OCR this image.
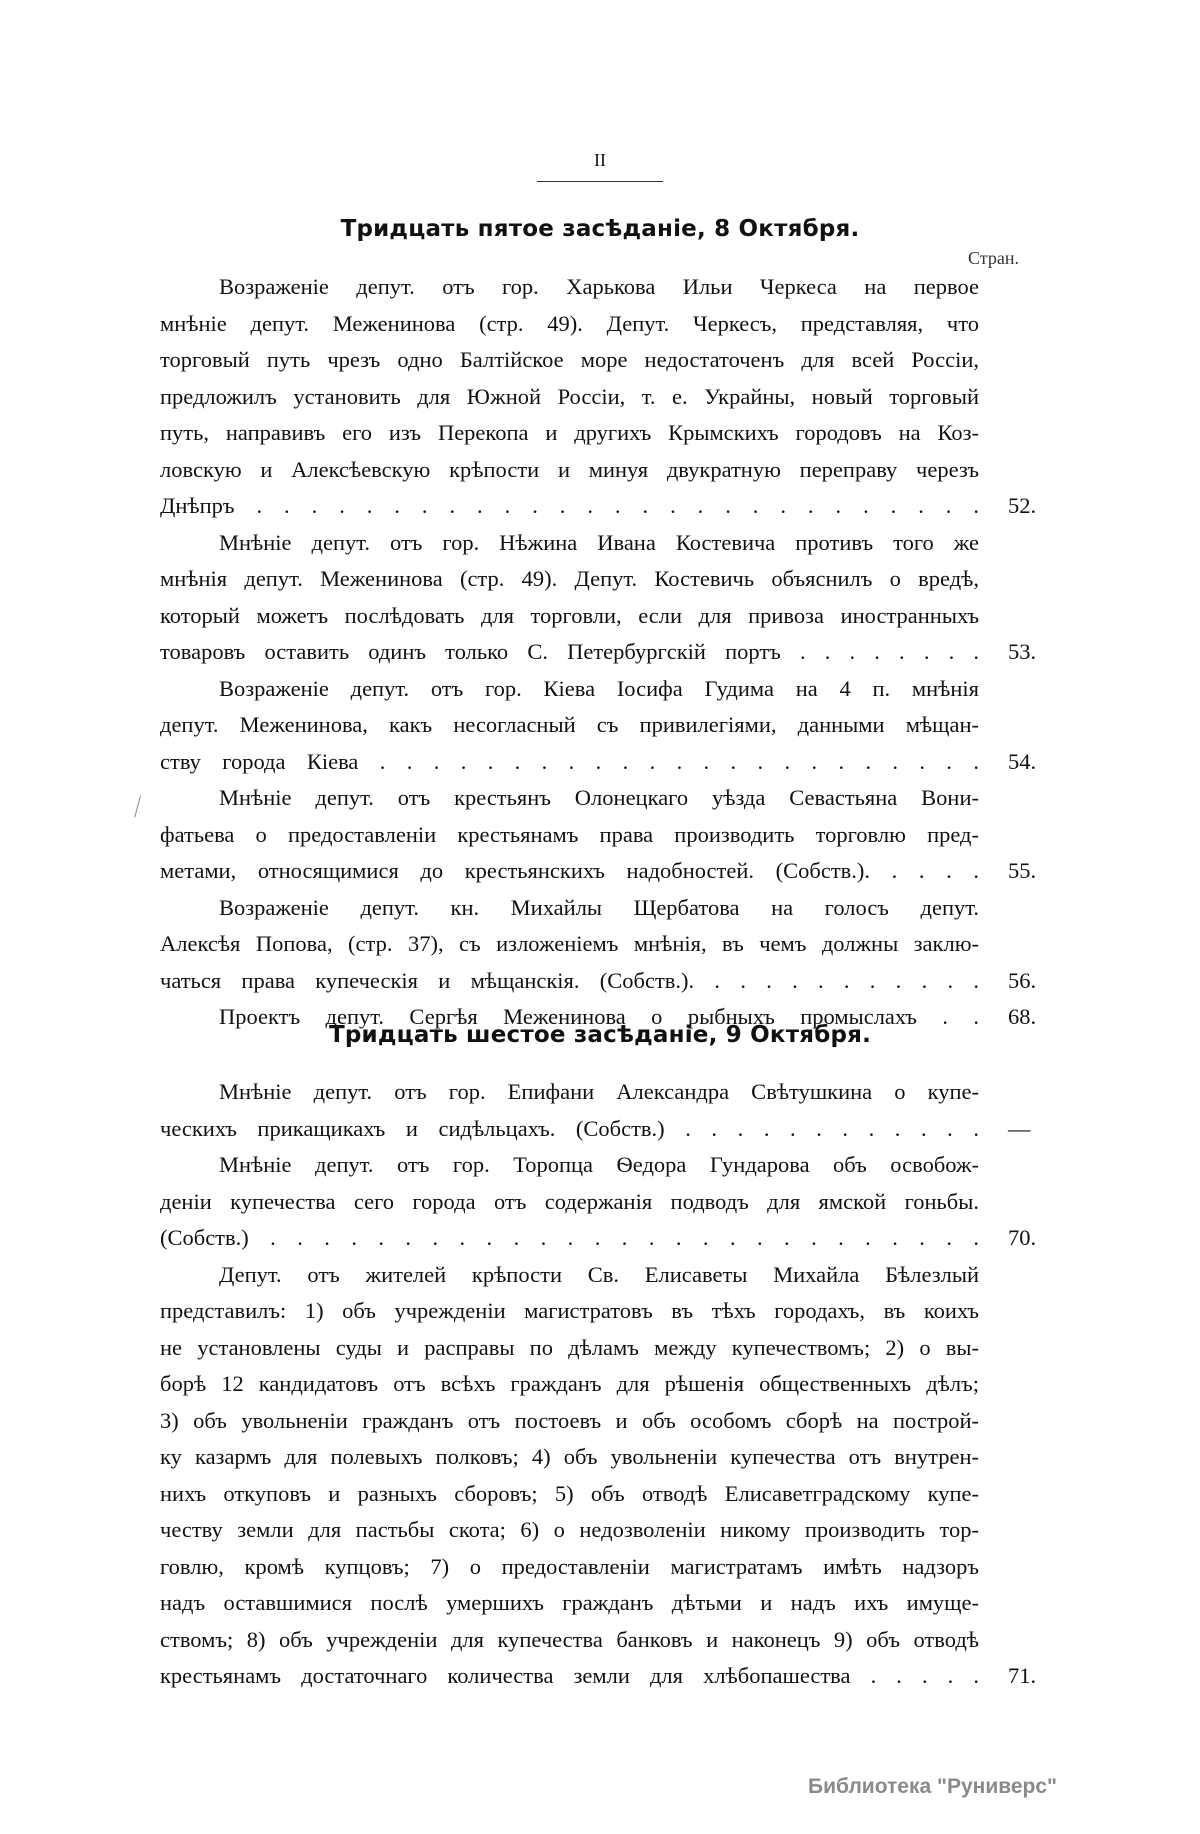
II
Тридцать пятое засѣданіе, 8 Октября.
Стран.
Возраженіе депут. отъ гор. Харькова Ильи Черкеса на первое
мнѣніе депут. Меженинова (стр. 49). Депут. Черкесъ, представляя, что
торговый путь чрезъ одно Балтійское море недостаточенъ для всей Россіи,
предложилъ установить для Южной Россіи, т. е. Украйны, новый торговый
путь, направивъ его изъ Перекопа и другихъ Крымскихъ городовъ на Коз-
ловскую и Алексѣевскую крѣпости и минуя двукратную переправу черезъ
Днѣпръ . . . . . . . . . . . . . . . . . . . . . . . . . . . 52.
Мнѣніе депут. отъ гор. Нѣжина Ивана Костевича противъ того же
мнѣнія депут. Меженинова (стр. 49). Депут. Костевичь объяснилъ о вредѣ,
который можетъ послѣдовать для торговли, если для привоза иностранныхъ
товаровъ оставить одинъ только С. Петербургскій портъ . . . . . . . . 53.
Возраженіе депут. отъ гор. Кіева Іосифа Гудима на 4 п. мнѣнія
депут. Меженинова, какъ несогласный съ привилегіями, данными мѣщан-
ству города Кіева . . . . . . . . . . . . . . . . . . . . . . . 54.
Мнѣніе депут. отъ крестьянъ Олонецкаго уѣзда Севастьяна Вони-
фатьева о предоставленіи крестьянамъ права производить торговлю пред-
метами, относящимися до крестьянскихъ надобностей. (Собств.). . . . . 55.
Возраженіе депут. кн. Михайлы Щербатова на голосъ депут.
Алексѣя Попова, (стр. 37), съ изложеніемъ мнѣнія, въ чемъ должны заклю-
чаться права купеческія и мѣщанскія. (Собств.). . . . . . . . . . . . 56.
Проектъ депут. Сергѣя Меженинова о рыбныхъ промыслахъ . . 68.
Тридцать шестое засѣданіе, 9 Октября.
Мнѣніе депут. отъ гор. Епифани Александра Свѣтушкина о купе-
ческихъ прикащикахъ и сидѣльцахъ. (Собств.) . . . . . . . . . . . . —
Мнѣніе депут. отъ гор. Торопца Ѳедора Гундарова объ освобож-
деніи купечества сего города отъ содержанія подводъ для ямской гоньбы.
(Собств.) . . . . . . . . . . . . . . . . . . . . . . . . . . . 70.
Депут. отъ жителей крѣпости Св. Елисаветы Михайла Бѣлезлый
представилъ: 1) объ учрежденіи магистратовъ въ тѣхъ городахъ, въ коихъ
не установлены суды и расправы по дѣламъ между купечествомъ; 2) о вы-
борѣ 12 кандидатовъ отъ всѣхъ гражданъ для рѣшенія общественныхъ дѣлъ;
3) объ увольненіи гражданъ отъ постоевъ и объ особомъ сборѣ на построй-
ку казармъ для полевыхъ полковъ; 4) объ увольненіи купечества отъ внутрен-
нихъ откуповъ и разныхъ сборовъ; 5) объ отводѣ Елисаветградскому купе-
честву земли для пастьбы скота; 6) о недозволеніи никому производить тор-
говлю, кромѣ купцовъ; 7) о предоставленіи магистратамъ имѣть надзоръ
надъ оставшимися послѣ умершихъ гражданъ дѣтьми и надъ ихъ имуще-
ствомъ; 8) объ учрежденіи для купечества банковъ и наконецъ 9) объ отводѣ
крестьянамъ достаточнаго количества земли для хлѣбопашества . . . . . 71.
Библиотека "Руниверс"
